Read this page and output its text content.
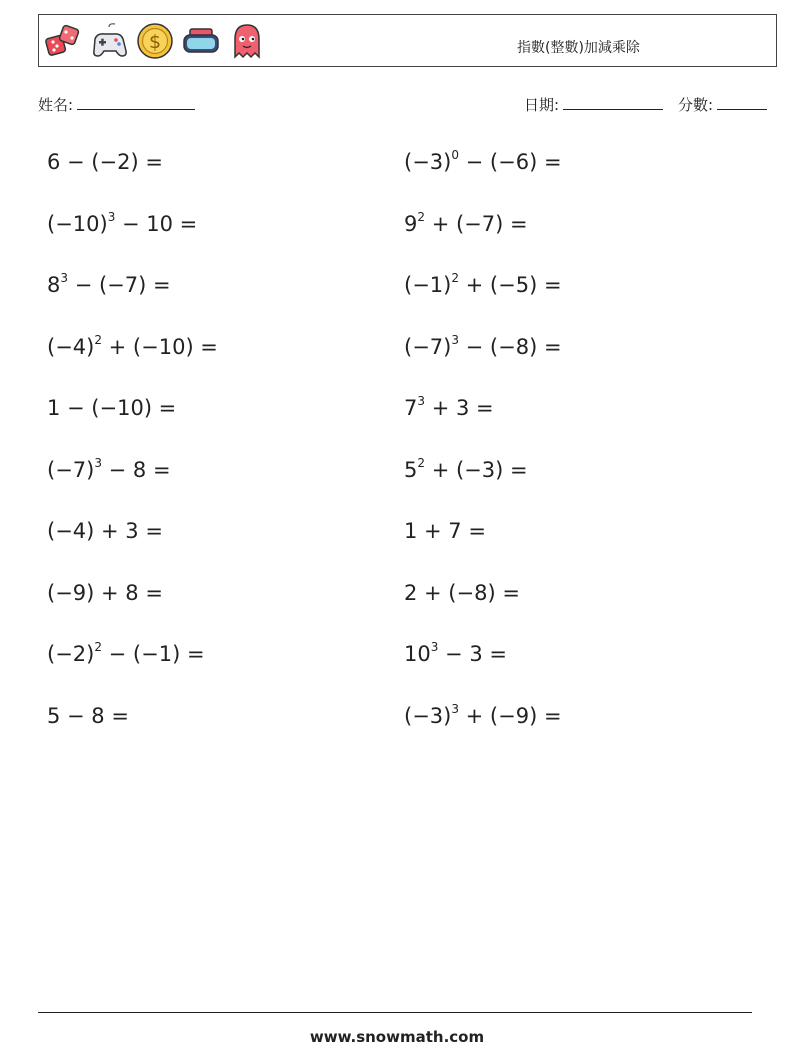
$	指數(整數)加減乘除
姓名:	日期:	分數:
6 − (−2) =	$(-3)^0 - (-6)$ =
$(-10)^3 - 10$ =	$9^2 + (-7)$ =
$8^3 - (-7)$ =	$(-1)^2 + (-5)$ =
$(-4)^2 + (-10)$ =	$(-7)^3 - (-8)$ =
1 − (−10) =	$7^3 + 3$ =
$(-7)^3 - 8$ =	$5^2 + (-3)$ =
(−4) + 3 =	1 + 7 =
(−9) + 8 =	2 + (−8) =
$(-2)^2 - (-1)$ =	$10^3 - 3$ =
5 − 8 =	$(-3)^3 + (-9)$ =
www.snowmath.com
